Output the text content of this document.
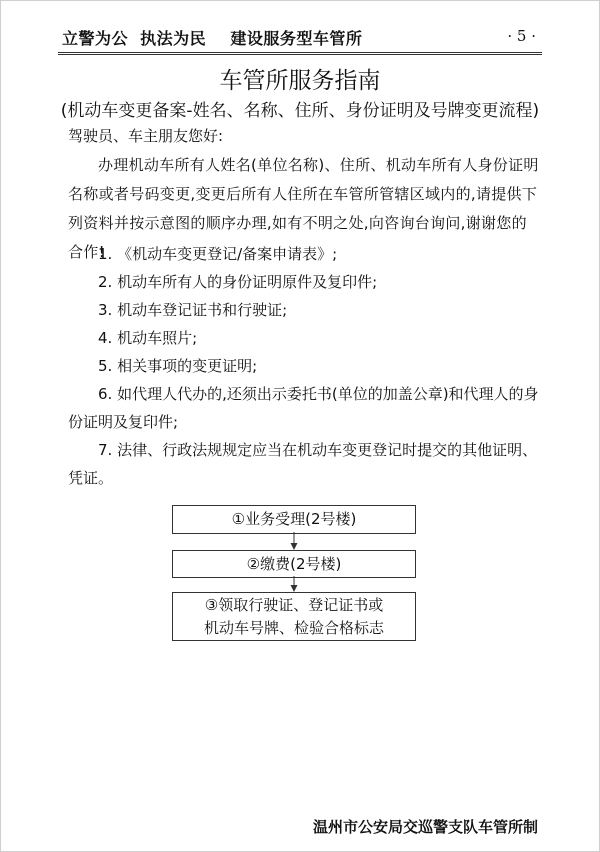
立警为公  执法为民    建设服务型车管所	· 5 ·
车管所服务指南
(机动车变更备案-姓名、名称、住所、身份证明及号牌变更流程)
驾驶员、车主朋友您好:
办理机动车所有人姓名(单位名称)、住所、机动车所有人身份证明名称或者号码变更,变更后所有人住所在车管所管辖区域内的,请提供下列资料并按示意图的顺序办理,如有不明之处,向咨询台询问,谢谢您的合作!
1. 《机动车变更登记/备案申请表》;
2. 机动车所有人的身份证明原件及复印件;
3. 机动车登记证书和行驶证;
4. 机动车照片;
5. 相关事项的变更证明;
6. 如代理人代办的,还须出示委托书(单位的加盖公章)和代理人的身份证明及复印件;
7. 法律、行政法规规定应当在机动车变更登记时提交的其他证明、凭证。
①业务受理(2号楼)
②缴费(2号楼)
③领取行驶证、登记证书或
机动车号牌、检验合格标志
温州市公安局交巡警支队车管所制
